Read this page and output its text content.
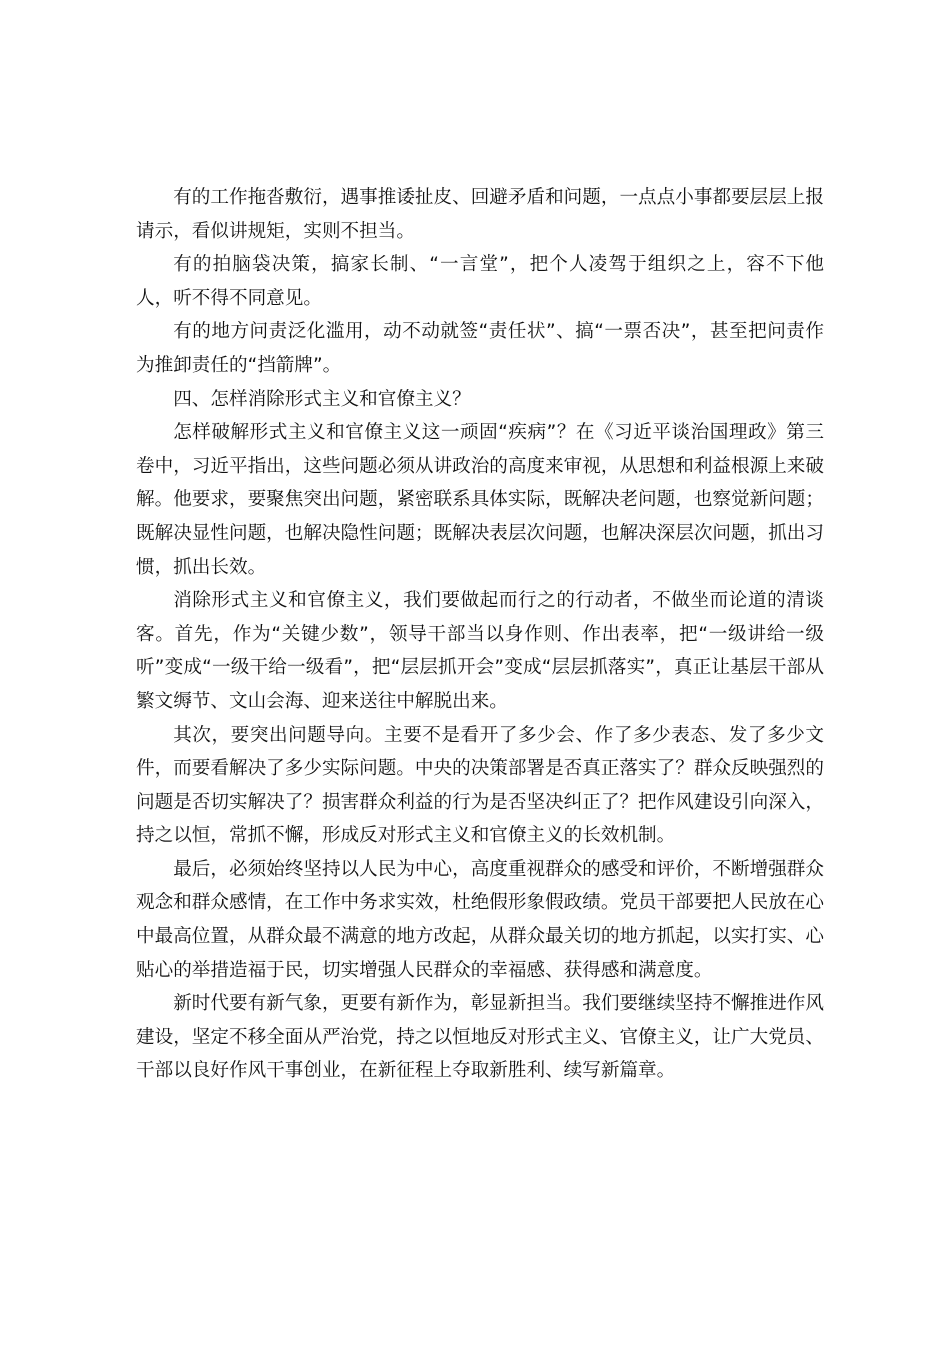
有的工作拖沓敷衍，遇事推诿扯皮、回避矛盾和问题，一点点小事都要层层上报请示，看似讲规矩，实则不担当。

有的拍脑袋决策，搞家长制、“一言堂”，把个人凌驾于组织之上，容不下他人，听不得不同意见。

有的地方问责泛化滥用，动不动就签“责任状”、搞“一票否决”，甚至把问责作为推卸责任的“挡箭牌”。

四、怎样消除形式主义和官僚主义？

怎样破解形式主义和官僚主义这一顽固“疾病”？在《习近平谈治国理政》第三卷中，习近平指出，这些问题必须从讲政治的高度来审视，从思想和利益根源上来破解。他要求，要聚焦突出问题，紧密联系具体实际，既解决老问题，也察觉新问题；既解决显性问题，也解决隐性问题；既解决表层次问题，也解决深层次问题，抓出习惯，抓出长效。

消除形式主义和官僚主义，我们要做起而行之的行动者，不做坐而论道的清谈客。首先，作为“关键少数”，领导干部当以身作则、作出表率，把“一级讲给一级听”变成“一级干给一级看”，把“层层抓开会”变成“层层抓落实”，真正让基层干部从繁文缛节、文山会海、迎来送往中解脱出来。

其次，要突出问题导向。主要不是看开了多少会、作了多少表态、发了多少文件，而要看解决了多少实际问题。中央的决策部署是否真正落实了？群众反映强烈的问题是否切实解决了？损害群众利益的行为是否坚决纠正了？把作风建设引向深入，持之以恒，常抓不懈，形成反对形式主义和官僚主义的长效机制。

最后，必须始终坚持以人民为中心，高度重视群众的感受和评价，不断增强群众观念和群众感情，在工作中务求实效，杜绝假形象假政绩。党员干部要把人民放在心中最高位置，从群众最不满意的地方改起，从群众最关切的地方抓起，以实打实、心贴心的举措造福于民，切实增强人民群众的幸福感、获得感和满意度。

新时代要有新气象，更要有新作为，彰显新担当。我们要继续坚持不懈推进作风建设，坚定不移全面从严治党，持之以恒地反对形式主义、官僚主义，让广大党员、干部以良好作风干事创业，在新征程上夺取新胜利、续写新篇章。
